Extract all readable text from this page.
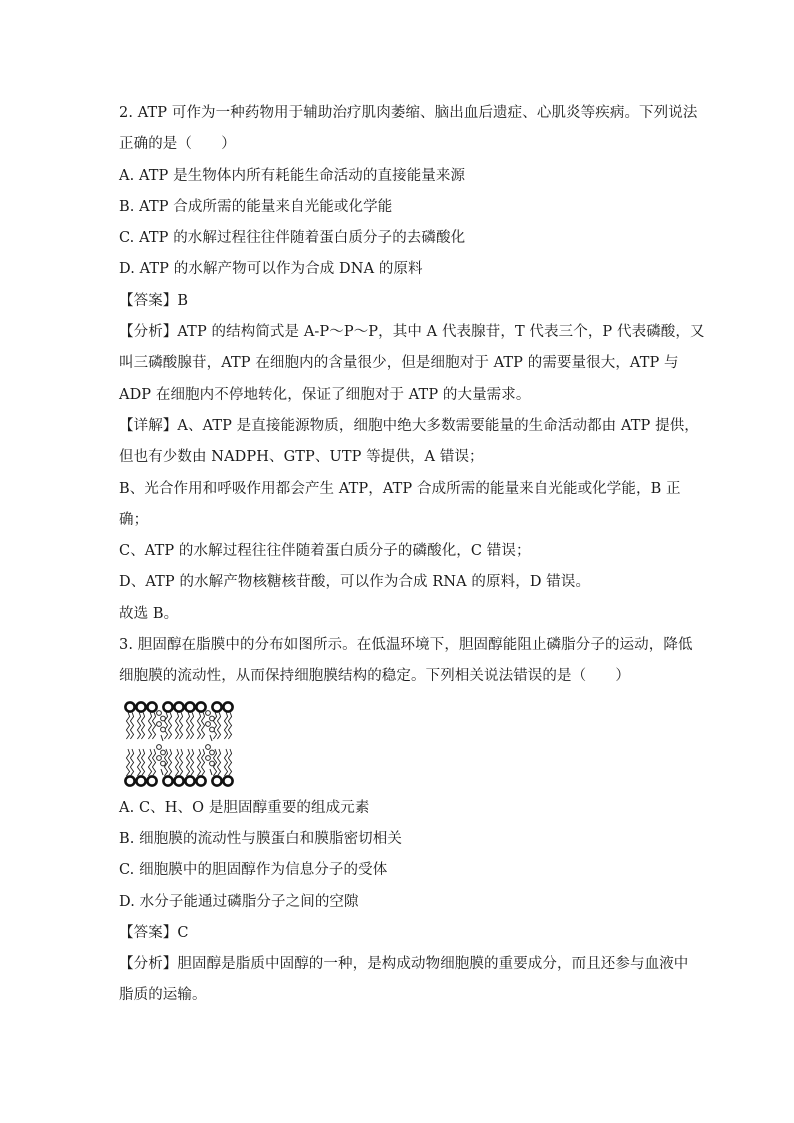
2. ATP 可作为一种药物用于辅助治疗肌肉萎缩、脑出血后遗症、心肌炎等疾病。下列说法
正确的是（　　）
A. ATP 是生物体内所有耗能生命活动的直接能量来源
B. ATP 合成所需的能量来自光能或化学能
C. ATP 的水解过程往往伴随着蛋白质分子的去磷酸化
D. ATP 的水解产物可以作为合成 DNA 的原料
【答案】B
【分析】ATP 的结构简式是 A-P～P～P，其中 A 代表腺苷，T 代表三个，P 代表磷酸，又
叫三磷酸腺苷，ATP 在细胞内的含量很少，但是细胞对于 ATP 的需要量很大，ATP 与
ADP 在细胞内不停地转化，保证了细胞对于 ATP 的大量需求。
【详解】A、ATP 是直接能源物质，细胞中绝大多数需要能量的生命活动都由 ATP 提供，
但也有少数由 NADPH、GTP、UTP 等提供，A 错误；
B、光合作用和呼吸作用都会产生 ATP，ATP 合成所需的能量来自光能或化学能，B 正
确；
C、ATP 的水解过程往往伴随着蛋白质分子的磷酸化，C 错误；
D、ATP 的水解产物核糖核苷酸，可以作为合成 RNA 的原料，D 错误。
故选 B。
3. 胆固醇在脂膜中的分布如图所示。在低温环境下，胆固醇能阻止磷脂分子的运动，降低
细胞膜的流动性，从而保持细胞膜结构的稳定。下列相关说法错误的是（　　）
A. C、H、O 是胆固醇重要的组成元素
B. 细胞膜的流动性与膜蛋白和膜脂密切相关
C. 细胞膜中的胆固醇作为信息分子的受体
D. 水分子能通过磷脂分子之间的空隙
【答案】C
【分析】胆固醇是脂质中固醇的一种，是构成动物细胞膜的重要成分，而且还参与血液中
脂质的运输。
